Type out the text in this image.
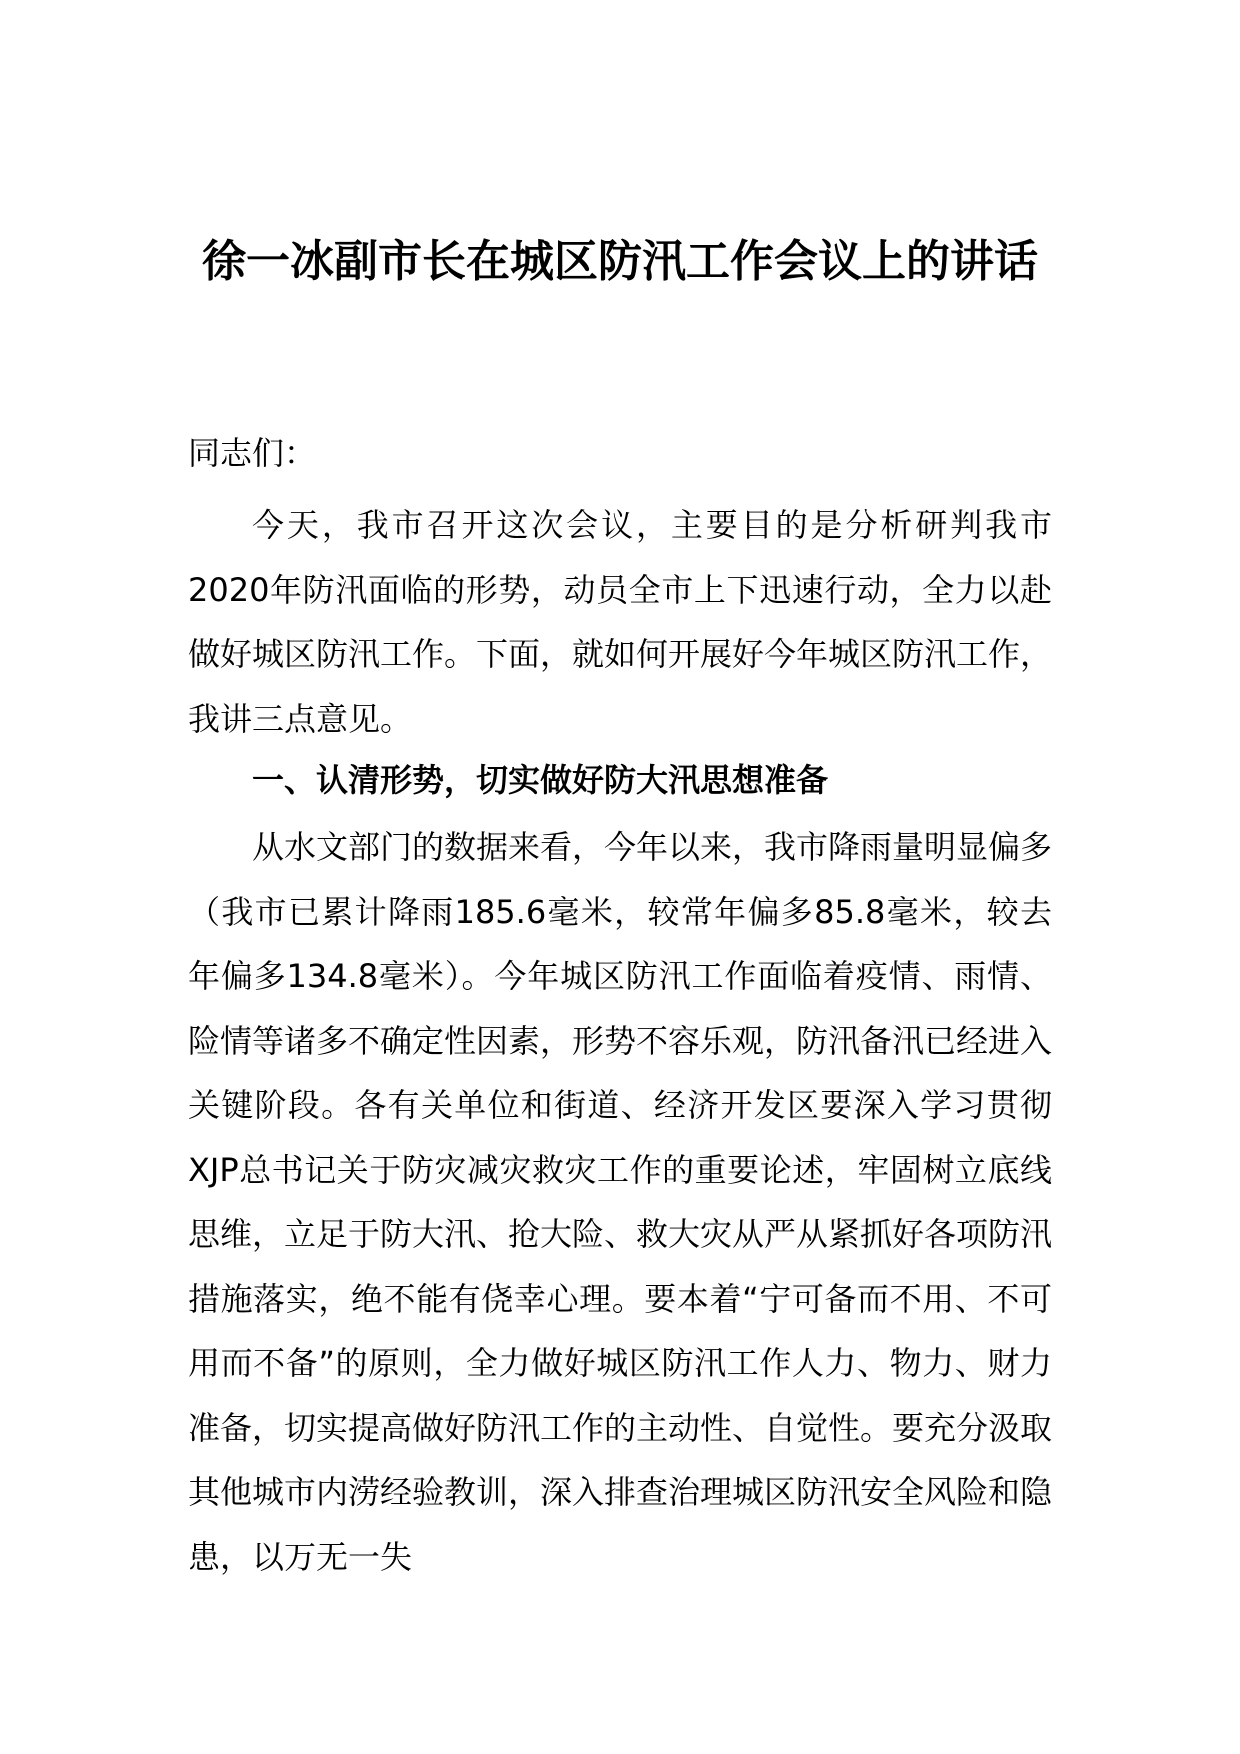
徐一冰副市长在城区防汛工作会议上的讲话

同志们：

今天，我市召开这次会议，主要目的是分析研判我市2020年防汛面临的形势，动员全市上下迅速行动，全力以赴做好城区防汛工作。下面，就如何开展好今年城区防汛工作，我讲三点意见。

一、认清形势，切实做好防大汛思想准备

从水文部门的数据来看，今年以来，我市降雨量明显偏多（我市已累计降雨185.6毫米，较常年偏多85.8毫米，较去年偏多134.8毫米）。今年城区防汛工作面临着疫情、雨情、险情等诸多不确定性因素，形势不容乐观，防汛备汛已经进入关键阶段。各有关单位和街道、经济开发区要深入学习贯彻XJP总书记关于防灾减灾救灾工作的重要论述，牢固树立底线思维，立足于防大汛、抢大险、救大灾从严从紧抓好各项防汛措施落实，绝不能有侥幸心理。要本着“宁可备而不用、不可用而不备”的原则，全力做好城区防汛工作人力、物力、财力准备，切实提高做好防汛工作的主动性、自觉性。要充分汲取其他城市内涝经验教训，深入排查治理城区防汛安全风险和隐患，以万无一失
